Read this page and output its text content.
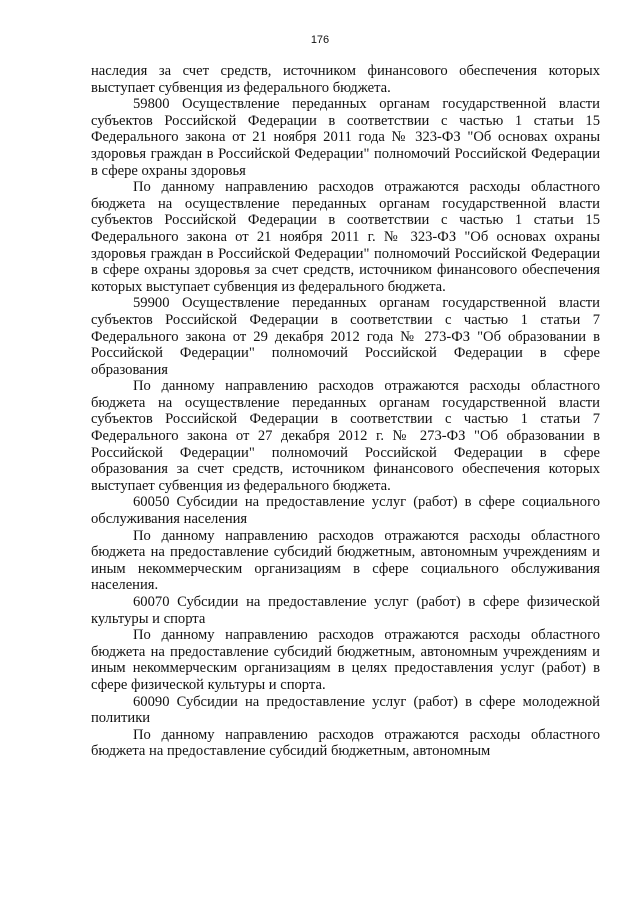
176

наследия за счет средств, источником финансового обеспечения которых выступает субвенция из федерального бюджета.

59800 Осуществление переданных органам государственной власти субъектов Российской Федерации в соответствии с частью 1 статьи 15 Федерального закона от 21 ноября 2011 года № 323-ФЗ "Об основах охраны здоровья граждан в Российской Федерации" полномочий Российской Федерации в сфере охраны здоровья

По данному направлению расходов отражаются расходы областного бюджета на осуществление переданных органам государственной власти субъектов Российской Федерации в соответствии с частью 1 статьи 15 Федерального закона от 21 ноября 2011 г. № 323-ФЗ "Об основах охраны здоровья граждан в Российской Федерации" полномочий Российской Федерации в сфере охраны здоровья за счет средств, источником финансового обеспечения которых выступает субвенция из федерального бюджета.

59900 Осуществление переданных органам государственной власти субъектов Российской Федерации в соответствии с частью 1 статьи 7 Федерального закона от 29 декабря 2012 года № 273-ФЗ "Об образовании в Российской Федерации" полномочий Российской Федерации в сфере образования

По данному направлению расходов отражаются расходы областного бюджета на осуществление переданных органам государственной власти субъектов Российской Федерации в соответствии с частью 1 статьи 7 Федерального закона от 27 декабря 2012 г. № 273-ФЗ "Об образовании в Российской Федерации" полномочий Российской Федерации в сфере образования за счет средств, источником финансового обеспечения которых выступает субвенция из федерального бюджета.

60050 Субсидии на предоставление услуг (работ) в сфере социального обслуживания населения

По данному направлению расходов отражаются расходы областного бюджета на предоставление субсидий бюджетным, автономным учреждениям и иным некоммерческим организациям в сфере социального обслуживания населения.

60070 Субсидии на предоставление услуг (работ) в сфере физической культуры и спорта

По данному направлению расходов отражаются расходы областного бюджета на предоставление субсидий бюджетным, автономным учреждениям и иным некоммерческим организациям в целях предоставления услуг (работ) в сфере физической культуры и спорта.

60090 Субсидии на предоставление услуг (работ) в сфере молодежной политики

По данному направлению расходов отражаются расходы областного бюджета на предоставление субсидий бюджетным, автономным
